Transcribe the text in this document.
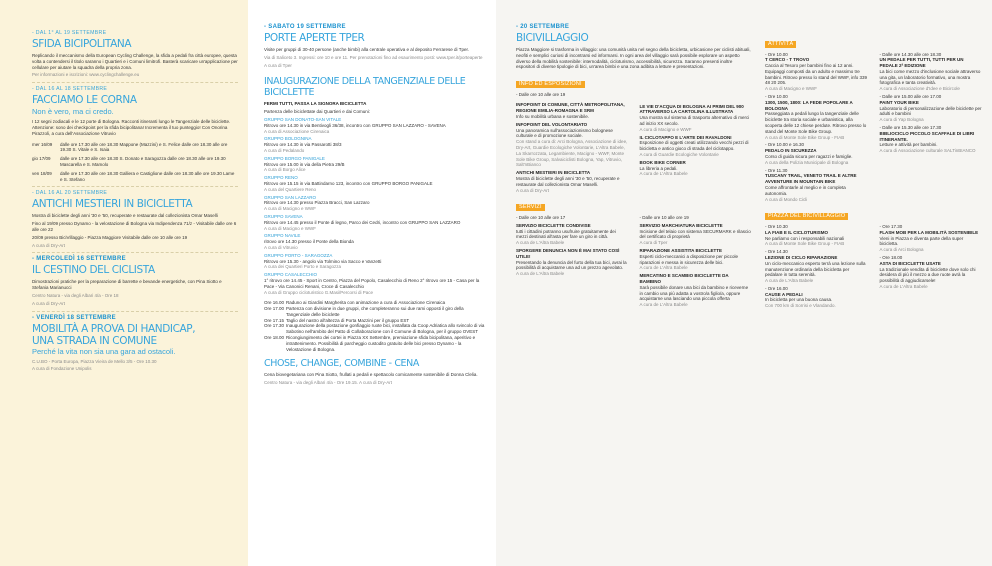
- DAL 1° AL 19 SETTEMBRE
SFIDA BICIPOLITANA
Replicando il meccanismo della European Cycling Challenge, la sfida a pedali fra città europee, questa volta a contendersi il titolo saranno i Quartieri e i Comuni limitrofi. Basterà scaricare un'applicazione per cellulare per aiutare la squadra della propria zona.
Per informazioni e iscrizioni: www.cyclingchallenge.eu
- DAL 16 AL 18 SETTEMBRE
FACCIAMO LE CORNA
Non è vero, ma ci credo.
I 12 segni zodiacali e le 12 porte di Bologna. Racconti itineranti lungo le Tangenziale delle biciclette. Attenzione: sono dei checkpoint per la sfida bicipolitana! Incrementa il tuo punteggio! Con Onorina Pirazzoli, a cura dell'Associazione Vitruvio
mer 16/09	dalle ore 17.30 alle ore 18.30 Mappone (Mazzini) e S. Felice dalle ore 18.30 alle ore 19.30 S. Vitale e S. Isaia
gio 17/09	dalle ore 17.30 alle ore 18.30 S. Donato e Saragozza dalle ore 18.30 alle ore 19.30 Mascarella e S. Mamolo
ven 18/09	dalle ore 17.30 alle ore 18.30 Galliera e Castiglione dalle ore 18.30 alle ore 19.30 Lame e S. Stefano
- DAL 16 AL 20 SETTEMBRE
ANTICHI MESTIERI IN BICICLETTA
Mostra di biciclette degli anni '30 e '50, recuperate e restaurate dal collezionista Omar Maselli
Fino al 19/09 presso Dynamo - la velostazione di Bologna via Indipendenza 71/z - Visitabile dalle ore 6 alle ore 22
20/09 presso BiciVillaggio - Piazza Maggiore Visitabile dalle ore 10 alle ore 19
A cura di Dry-Art
- MERCOLEDÌ 16 SETTEMBRE
IL CESTINO DEL CICLISTA
Dimostrazioni pratiche per la preparazione di barrette e bevande energetiche, con Pina Siotto e Stefania Marianucci
Centro Natura - via degli Albari 4/a - Ore 18
A cura di Dry-Art
- VENERDÌ 18 SETTEMBRE
MOBILITÀ A PROVA DI HANDICAP,
UNA STRADA IN COMUNE
Perché la vita non sia una gara ad ostacoli.
C.U.BO - Porta Europa, Piazza Vieira de Mello 3/5 - Ore 10.30
A cura di Fondazione Unipolis
- SABATO 19 SETTEMBRE
PORTE APERTE TPER
Visite per gruppi di 30-40 persone (anche bimbi) alla centrale operativa e al deposito Ferrarese di Tper.
Via di Saliceto 3. Ingressi: ore 10 e ore 11. Per prenotazioni fino ad esaurimento posti: www.tper.it/porteaperte
A cura di Tper
INAUGURAZIONE DELLA TANGENZIALE DELLE BICICLETTE
FERMI TUTTI, PASSA LA SIGNORA BICICLETTA
Partenza delle biciclettate dai Quartieri e dai Comuni:
GRUPPO SAN DONATO-SAN VITALE
Ritrovo ore 14.30 in via Bentivogli 36/38, incontro con GRUPPO SAN LAZZARO - SAVENA
A cura di Associazione Cirenaica
GRUPPO BOLOGNINA
Ritrovo ore 14.30 in via Passarotti 38/3
A cura di Pedalando
GRUPPO BORGO PANIGALE
Ritrovo ore 15.00 in via della Pietra 29/B
A cura di Borgo Alice
GRUPPO RENO
Ritrovo ore 15.15 in via Battindarno 123, incontro con GRUPPO BORGO PANIGALE
A cura del Quartiere Reno
GRUPPO SAN LAZZARO
Ritrovo ore 14.30 presso Piazza Bracci, San Lazzaro
A cura di Macigno e WWF
GRUPPO SAVENA
Ritrovo ore 14.45 presso il Ponte di legno, Parco dei Cedri, incontro con GRUPPO SAN LAZZARO
A cura di Macigno e WWF
GRUPPO NAVILE
ritrovo ore 14.30 presso il Ponte della Bionda
A cura di Vitruvio
GRUPPO PORTO - SARAGOZZA
Ritrovo ore 15.30 - angolo via Tolmino via Sacco e Vanzetti
A cura dei Quartieri Porto e Saragozza
GRUPPO CASALECCHIO
1° ritrovo ore 14.45 - Sport in Centro, Piazza del Popolo, Casalecchio di Reno 2° ritrovo ore 15 - Casa per la Pace - Via Canonici Renani, Croce di Casalecchio
A cura di Gruppo cicloturistico G.Masi/Percorsi di Pace
Ore 16.00 Raduno ai Giardini Margherita con animazione a cura di Associazione Cirenaica
Ore 17.00 Partenza con divisione in due gruppi, che completeranno sui due rami opposti il giro della Tangenziale delle biciclette
Ore 17.15 Taglio del nastro all'altezza di Porta Mazzini per il gruppo EST
Ore 17.30 Inaugurazione della postazione gonfiaggio ruote bici, installata da Coop Adriatica allo svincolo di via Sabotino nell'ambito del Patto di Collaborazione con il Comune di Bologna, per il gruppo OVEST
Ore 18.00 Ricongiungimento dei cortei in Piazza XX Settembre, premiazione sfida bicipolitana, aperitivo e intrattenimento. Possibilità di parcheggio custodito gratuito delle bici presso Dynamo - la Velostazione di Bologna.
CHOSE, CHANGE, COMBINE - CENA
Cena bioveget​ariana con Pina Siotto, frullati a pedali e spettacolo comicamente sostenibile di Donna Clelia.
Centro Natura - via degli Albari 4/a - Ore 19.15. A cura di Dry-Art
- 20 SETTEMBRE
BICIVILLAGGIO
Piazza Maggiore si trasforma in villaggio: una comunità unita nel segno della bicicletta, urbicasione per ciclisti abituali, neofiti e semplici curiosi di incontrarsi ed informarsi. In ogni area del villaggio sarà possibile esplorare un aspetto diverso della mobilità sostenibile: internodalità, ciclo​turismo, accessibilità, sicurezza. Saranno presenti inoltre espositori di diverse tipologie di bici, un'area bimbi e una zona adibita a letture e presentazioni.
INFO ED ESPOSIZIONI
- Dalle ore 10 alle ore 19
INFOPOINT DI COMUNE, CITTÀ METROPOLITANA, REGIONE EMILIA-ROMAGNA E SRM
Info su mobilità urbana e sostenibile.
INFOPOINT DEL VOLONTARIATO
Una panoramica sull'associazionismo bolognese culturale e di promozione sociale.
Con stand a cura di: Arci Bologna, Associazione di idee, Dry-Art, Guardie Ecologiche Volontarie, L'Altra Babele, La Skarrozzata, Legambiente, Macigno - WWF, Monte Sole Bike Group, Salvaiciclisti Bologna, Yap, Vitruvio, Salt'nBianco
ANTICHI MESTIERI IN BICICLETTA
Mostra di biciclette degli anni '30 e '50, recuperate e restaurate dal collezionista Omar Maselli.
A cura di Dry-Art
LE VIE D'ACQUA DI BOLOGNA AI PRIMI DEL 900 ATTRAVERSO LA CARTOLINA ILLUSTRATA
Una mostra sul sistema di trasporto alternativo di merci ad inizio XX secolo.
A cura di Macigno e WWF
IL CICLOTAPPO E L'ARTE DEI RAVALDONI
Esposizione di oggetti creati utilizzando vecchi pezzi di bicicletta e antico gioco di strada del ciclotappo.
A cura di Guardie Ecologiche Volontarie
BOOK BIKE CORNER
La libreria a pedali.
A cura de L'Altra Babele
SERVIZI
- Dalle ore 10 alle ore 17
SERVIZIO BICICLETTE CONDIVISE
tutti i cittadini potranno usufruire gratuitamente dei mezzi destinati all'asta per fare un giro in città.
A cura de L'Altra Babele
SPORGERE DENUNCIA NON È MAI STATO COSÌ UTILE!
Presentando la denuncia del furto della tua bici, avrai la possibilità di acquistarne una ad un prezzo agevolato.
A cura de L'Altra Babele
- Dalle ore 10 alle ore 19
SERVIZIO MARCHIATURA BICICLETTE
Incisione del telaio con sistema SECURMARK e rilascio del certificato di proprietà
A cura di Tper
RIPARAZIONE ASSISTITA BICICLETTE
Esperti ciclo-meccanici a disposizione per piccole riparazioni e messa in sicurezza delle bici.
A cura de L'Altra Babele
MERCATINO E SCAMBIO BICICLETTE DA BAMBINO
Sarà possibile donare una bici da bambino e riceverne in cambio una più adatta a vostro/a figlio/a, oppure acquistarne una lasciando una piccola offerta
A cura de L'Altra Babele
ATTIVITÀ
- Ore 10.00
T CERCO - T TROVO
Caccia al Tesoro per bambini fino ai 12 anni. Equipaggi composti da un adulto e massimo tre bambini. Ritrovo presso lo stand del WWF, info 339 48 20 205.
A cura di Macigno e WWF
- Ore 10.00
1300, 1500, 1800: LA FEDE POPOLARE A BOLOGNA
Passeggiata a pedali lungo la tangenziale delle biciclette tra storia sociale e urbanistica, alla scoperta delle 12 chiese perdute. Ritrovo presso lo stand del Monte Sole Bike Group.
A cura di Monte Sole Bike Group - FIAB
- Ore 10.00 e 16.30
PEDALO IN SICUREZZA
Corso di guida sicura per ragazzi e famiglie.
A cura della Polizia Municipale di Bologna
- Ore 11.30
TUSCANY TRAIL, VENETO TRAIL E ALTRE AVVENTURE IN MOUNTAIN BIKE
Come affrontarle al meglio e in completa autonomia.
A cura di Mondo Cicli
- Dalle ore 14.30 alle ore 18.30
UN PEDALE PER TUTTI, TUTTI PER UN PEDALE 2ª EDIZIONE
La bici come mezzo d'inclusione sociale attraverso una gita, un laboratorio formativo, una mostra fotografica e tanta creatività.
A cura di Associazione d'Idee e Bicircole
- Dalle ore 15.00 alle ore 17.00
PAINT YOUR BIKE
Laboratorio di personalizzazione delle biciclette per adulti e bambini
A cura di Yap Bologna
- Dalle ore 15.30 alle ore 17.30
BIBLIOCICLO PICCOLO SCAFFALE DI LIBRI ITINERANTE.
Letture e attività per bambini.
A cura di Associazione culturale SALTinBIANCO
PIAZZA DEL BICIVILLAGGIO
- Ore 10.30
LA FIAB E IL CICLOTURISMO
Ne parliamo con i responsabili nazionali
A cura di Monte Sole Bike Group - FIAB
- Ore 14.30
LEZIONE DI CICLO RIPARAZIONE
Un ciclo-meccanico esperto terrà una lezione sulla manutenzione ordinaria della bicicletta per pedalare in tutta serenità.
A cura de L'Altra Babele
- Ore 16.00
CAUSE A PEDALI
In bicicletta per una buona causa.
Con 700 km di Sorrisi e Vlandando.
- Ore 17.30
FLASH MOB PER LA MOBILITÀ SOSTENIBILE
Vieni in Piazza e diventa parte della super bicicletta.
A cura di Arci Bologna
- Ore 18.00
ASTA DI BICICLETTE USATE
La tradizionale vendita di biciclette dove solo chi desidera di più il mezzo a due ruote avrà la possibilità di aggiudicarsele!
A cura de L'Altra Babele
